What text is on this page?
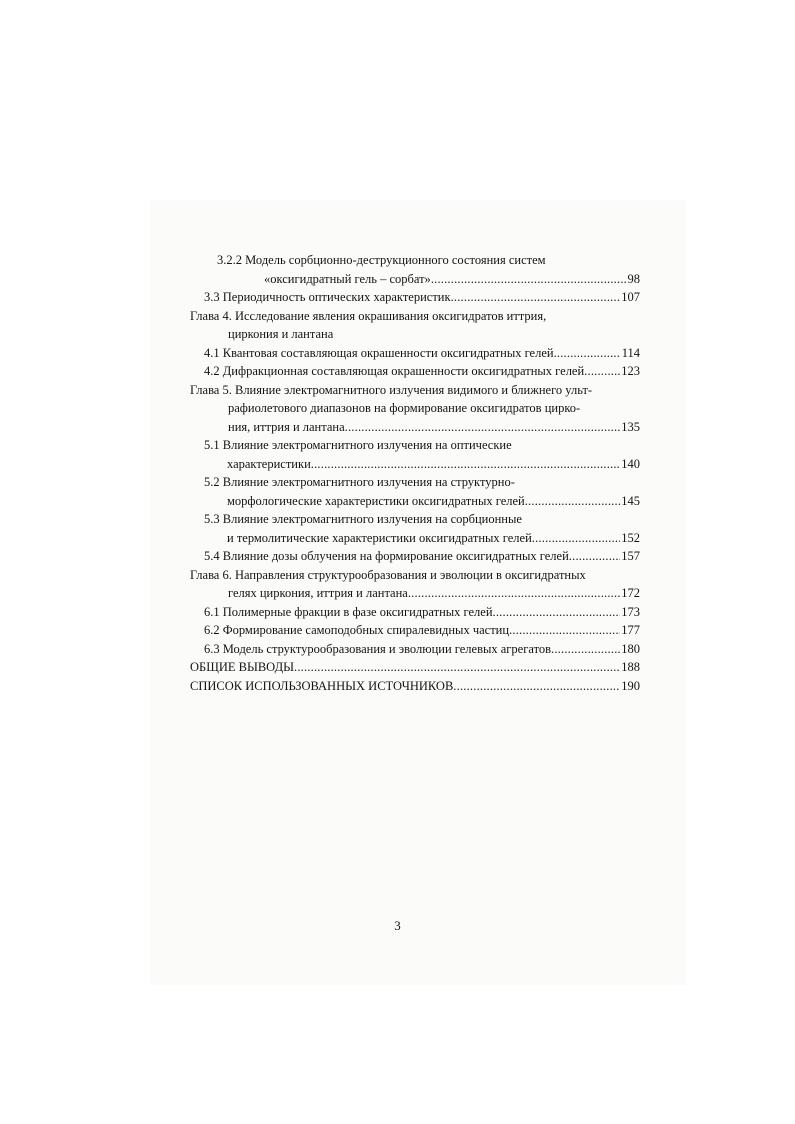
3.2.2 Модель сорбционно-деструкционного состояния систем
«оксигидратный гель – сорбат» .....	98
3.3 Периодичность оптических характеристик .....	107
Глава 4. Исследование явления окрашивания оксигидратов иттрия,
циркония и лантана
4.1 Квантовая составляющая окрашенности оксигидратных гелей .....	114
4.2 Дифракционная составляющая окрашенности оксигидратных гелей .....	123
Глава 5. Влияние электромагнитного излучения видимого и ближнего ульт-
рафиолетового диапазонов на формирование оксигидратов цирко-
ния, иттрия и лантана .....	135
5.1 Влияние электромагнитного излучения на оптические
характеристики .....	140
5.2 Влияние электромагнитного излучения на структурно-
морфологические характеристики оксигидратных гелей .....	145
5.3 Влияние электромагнитного излучения на сорбционные
и термолитические характеристики оксигидратных гелей .....	152
5.4 Влияние дозы облучения на формирование оксигидратных гелей .....	157
Глава 6. Направления структурообразования и эволюции в оксигидратных
гелях циркония, иттрия и лантана .....	172
6.1 Полимерные фракции в фазе оксигидратных гелей .....	173
6.2 Формирование самоподобных спиралевидных частиц .....	177
6.3 Модель структурообразования и эволюции гелевых агрегатов .....	180
ОБЩИЕ ВЫВОДЫ .....	188
СПИСОК ИСПОЛЬЗОВАННЫХ ИСТОЧНИКОВ .....	190
3
